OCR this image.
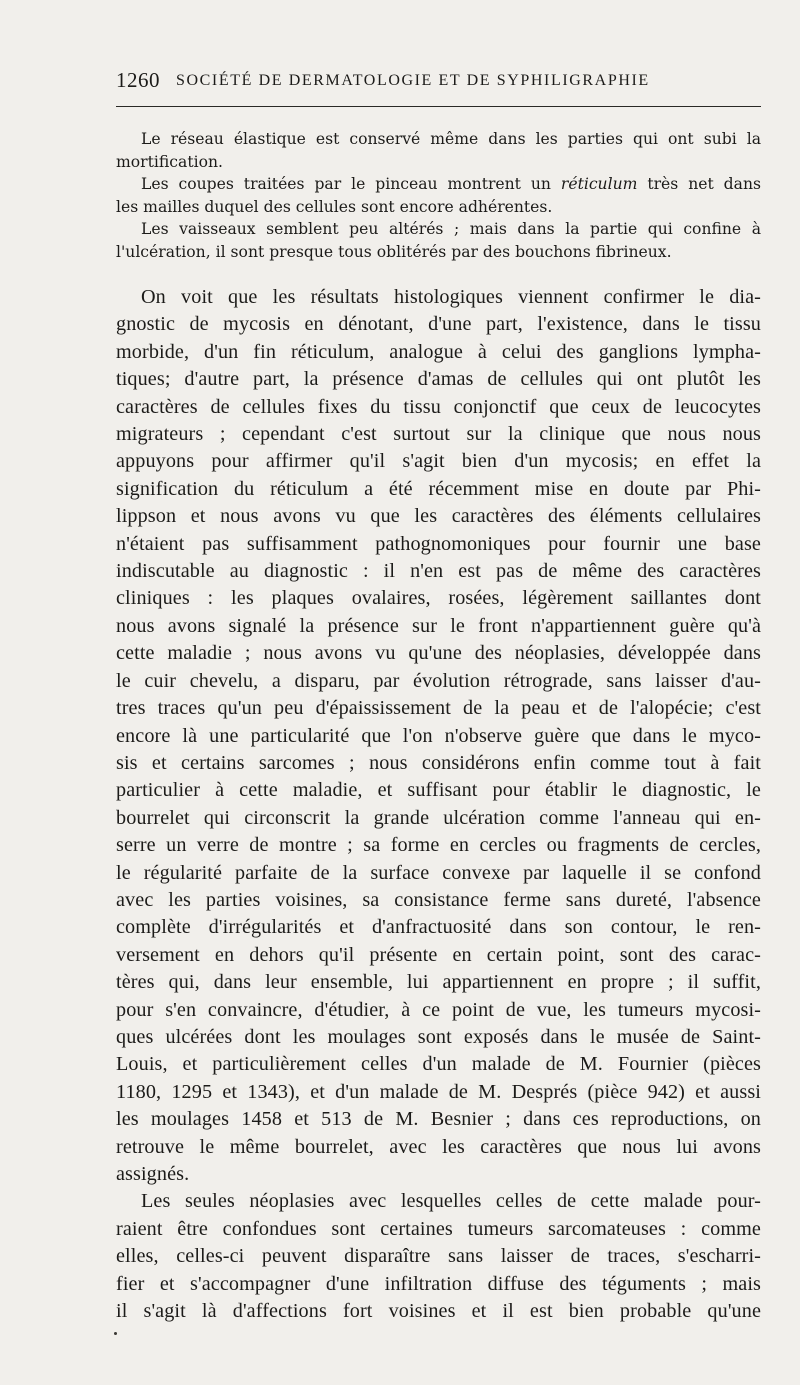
1260 SOCIÉTÉ DE DERMATOLOGIE ET DE SYPHILIGRAPHIE
Le réseau élastique est conservé même dans les parties qui ont subi la
mortification.
Les coupes traitées par le pinceau montrent un réticulum très net dans
les mailles duquel des cellules sont encore adhérentes.
Les vaisseaux semblent peu altérés ; mais dans la partie qui confine à
l'ulcération, il sont presque tous oblitérés par des bouchons fibrineux.
On voit que les résultats histologiques viennent confirmer le dia-
gnostic de mycosis en dénotant, d'une part, l'existence, dans le tissu
morbide, d'un fin réticulum, analogue à celui des ganglions lympha-
tiques; d'autre part, la présence d'amas de cellules qui ont plutôt les
caractères de cellules fixes du tissu conjonctif que ceux de leucocytes
migrateurs ; cependant c'est surtout sur la clinique que nous nous
appuyons pour affirmer qu'il s'agit bien d'un mycosis; en effet la
signification du réticulum a été récemment mise en doute par Phi-
lippson et nous avons vu que les caractères des éléments cellulaires
n'étaient pas suffisamment pathognomoniques pour fournir une base
indiscutable au diagnostic : il n'en est pas de même des caractères
cliniques : les plaques ovalaires, rosées, légèrement saillantes dont
nous avons signalé la présence sur le front n'appartiennent guère qu'à
cette maladie ; nous avons vu qu'une des néoplasies, développée dans
le cuir chevelu, a disparu, par évolution rétrograde, sans laisser d'au-
tres traces qu'un peu d'épaississement de la peau et de l'alopécie; c'est
encore là une particularité que l'on n'observe guère que dans le myco-
sis et certains sarcomes ; nous considérons enfin comme tout à fait
particulier à cette maladie, et suffisant pour établir le diagnostic, le
bourrelet qui circonscrit la grande ulcération comme l'anneau qui en-
serre un verre de montre ; sa forme en cercles ou fragments de cercles,
le régularité parfaite de la surface convexe par laquelle il se confond
avec les parties voisines, sa consistance ferme sans dureté, l'absence
complète d'irrégularités et d'anfractuosité dans son contour, le ren-
versement en dehors qu'il présente en certain point, sont des carac-
tères qui, dans leur ensemble, lui appartiennent en propre ; il suffit,
pour s'en convaincre, d'étudier, à ce point de vue, les tumeurs mycosi-
ques ulcérées dont les moulages sont exposés dans le musée de Saint-
Louis, et particulièrement celles d'un malade de M. Fournier (pièces
1180, 1295 et 1343), et d'un malade de M. Després (pièce 942) et aussi
les moulages 1458 et 513 de M. Besnier ; dans ces reproductions, on
retrouve le même bourrelet, avec les caractères que nous lui avons
assignés.
Les seules néoplasies avec lesquelles celles de cette malade pour-
raient être confondues sont certaines tumeurs sarcomateuses : comme
elles, celles-ci peuvent disparaître sans laisser de traces, s'escharri-
fier et s'accompagner d'une infiltration diffuse des téguments ; mais
il s'agit là d'affections fort voisines et il est bien probable qu'une
